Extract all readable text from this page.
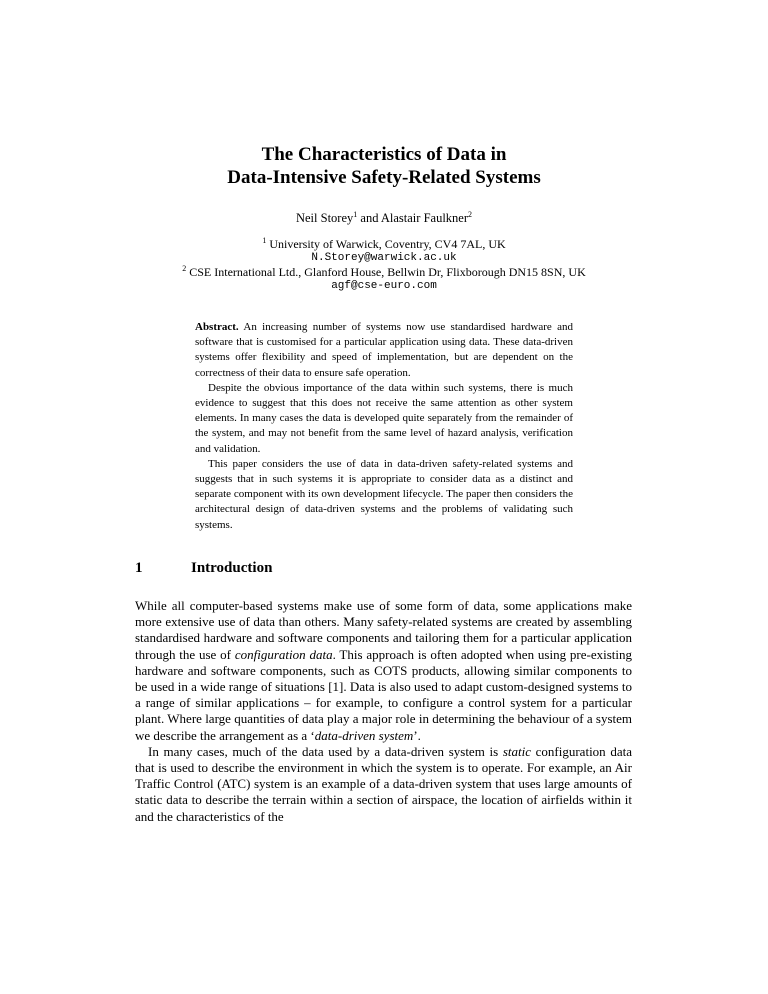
The Characteristics of Data in
Data-Intensive Safety-Related Systems
Neil Storey$^1$ and Alastair Faulkner$^2$
$^1$ University of Warwick, Coventry, CV4 7AL, UK
N.Storey@warwick.ac.uk
$^2$ CSE International Ltd., Glanford House, Bellwin Dr, Flixborough DN15 8SN, UK
agf@cse-euro.com

Abstract. An increasing number of systems now use standardised hardware and software that is customised for a particular application using data. These data-driven systems offer flexibility and speed of implementation, but are dependent on the correctness of their data to ensure safe operation.

Despite the obvious importance of the data within such systems, there is much evidence to suggest that this does not receive the same attention as other system elements. In many cases the data is developed quite separately from the remainder of the system, and may not benefit from the same level of hazard analysis, verification and validation.

This paper considers the use of data in data-driven safety-related systems and suggests that in such systems it is appropriate to consider data as a distinct and separate component with its own development lifecycle. The paper then considers the architectural design of data-driven systems and the problems of validating such systems.

1	Introduction

While all computer-based systems make use of some form of data, some applications make more extensive use of data than others. Many safety-related systems are created by assembling standardised hardware and software components and tailoring them for a particular application through the use of configuration data. This approach is often adopted when using pre-existing hardware and software components, such as COTS products, allowing similar components to be used in a wide range of situations [1]. Data is also used to adapt custom-designed systems to a range of similar applications – for example, to configure a control system for a particular plant. Where large quantities of data play a major role in determining the behaviour of a system we describe the arrangement as a ‘data-driven system’.

In many cases, much of the data used by a data-driven system is static configuration data that is used to describe the environment in which the system is to operate. For example, an Air Traffic Control (ATC) system is an example of a data-driven system that uses large amounts of static data to describe the terrain within a section of airspace, the location of airfields within it and the characteristics of the
